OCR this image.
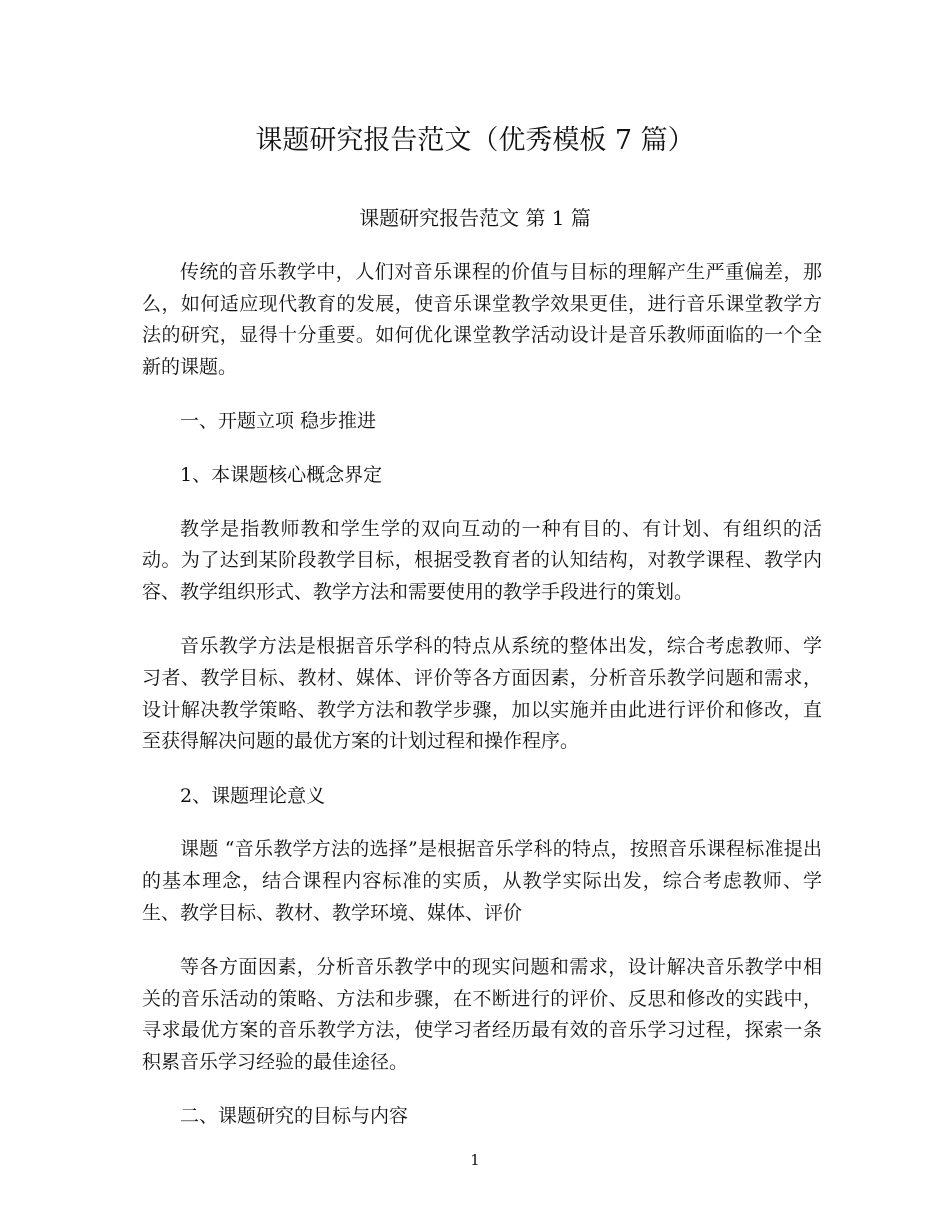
课题研究报告范文（优秀模板 7 篇）
课题研究报告范文 第 1 篇

传统的音乐教学中，人们对音乐课程的价值与目标的理解产生严重偏差，那么，如何适应现代教育的发展，使音乐课堂教学效果更佳，进行音乐课堂教学方法的研究，显得十分重要。如何优化课堂教学活动设计是音乐教师面临的一个全新的课题。

一、开题立项 稳步推进

1、本课题核心概念界定

教学是指教师教和学生学的双向互动的一种有目的、有计划、有组织的活动。为了达到某阶段教学目标，根据受教育者的认知结构，对教学课程、教学内容、教学组织形式、教学方法和需要使用的教学手段进行的策划。

音乐教学方法是根据音乐学科的特点从系统的整体出发，综合考虑教师、学习者、教学目标、教材、媒体、评价等各方面因素，分析音乐教学问题和需求，设计解决教学策略、教学方法和教学步骤，加以实施并由此进行评价和修改，直至获得解决问题的最优方案的计划过程和操作程序。

2、课题理论意义

课题 “音乐教学方法的选择”是根据音乐学科的特点，按照音乐课程标准提出的基本理念，结合课程内容标准的实质，从教学实际出发，综合考虑教师、学生、教学目标、教材、教学环境、媒体、评价

等各方面因素，分析音乐教学中的现实问题和需求，设计解决音乐教学中相关的音乐活动的策略、方法和步骤，在不断进行的评价、反思和修改的实践中，寻求最优方案的音乐教学方法，使学习者经历最有效的音乐学习过程，探索一条积累音乐学习经验的最佳途径。

二、课题研究的目标与内容

1
